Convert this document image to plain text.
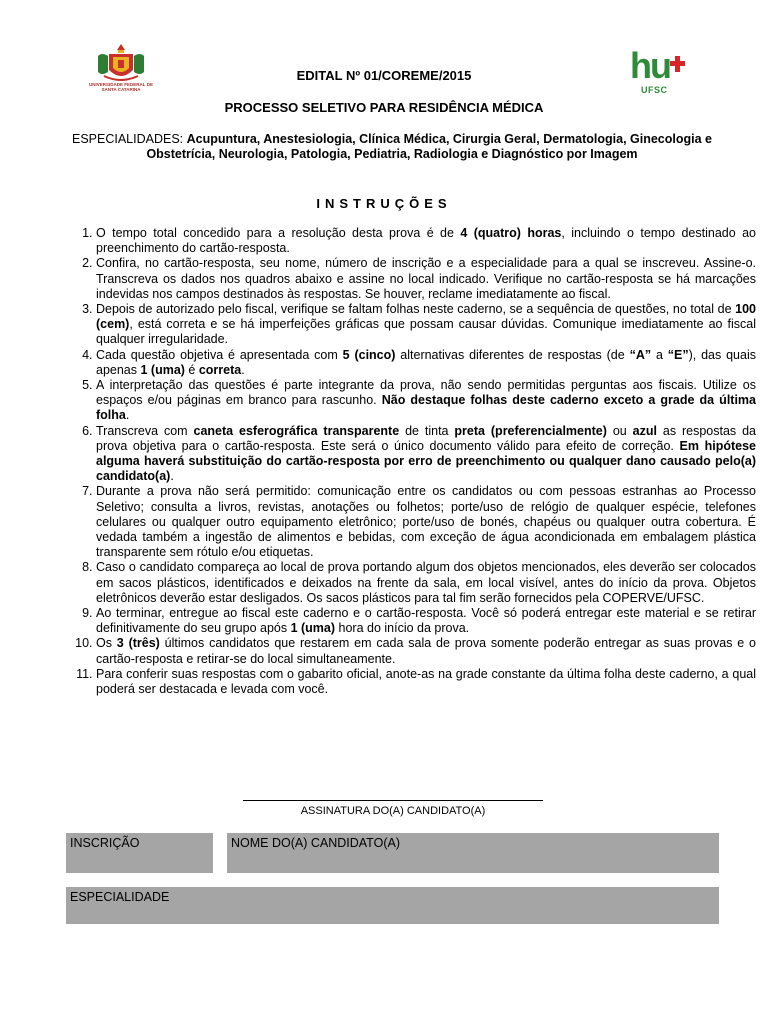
UNIVERSIDADE FEDERAL DE SANTA CATARINA
hu
UFSC
EDITAL Nº 01/COREME/2015
PROCESSO SELETIVO PARA RESIDÊNCIA MÉDICA
ESPECIALIDADES: Acupuntura, Anestesiologia, Clínica Médica, Cirurgia Geral, Dermatologia, Ginecologia e Obstetrícia, Neurologia, Patologia, Pediatria, Radiologia e Diagnóstico por Imagem
INSTRUÇÕES
1. O tempo total concedido para a resolução desta prova é de 4 (quatro) horas, incluindo o tempo destinado ao preenchimento do cartão-resposta.
2. Confira, no cartão-resposta, seu nome, número de inscrição e a especialidade para a qual se inscreveu. Assine-o. Transcreva os dados nos quadros abaixo e assine no local indicado. Verifique no cartão-resposta se há marcações indevidas nos campos destinados às respostas. Se houver, reclame imediatamente ao fiscal.
3. Depois de autorizado pelo fiscal, verifique se faltam folhas neste caderno, se a sequência de questões, no total de 100 (cem), está correta e se há imperfeições gráficas que possam causar dúvidas. Comunique imediatamente ao fiscal qualquer irregularidade.
4. Cada questão objetiva é apresentada com 5 (cinco) alternativas diferentes de respostas (de “A” a “E”), das quais apenas 1 (uma) é correta.
5. A interpretação das questões é parte integrante da prova, não sendo permitidas perguntas aos fiscais. Utilize os espaços e/ou páginas em branco para rascunho. Não destaque folhas deste caderno exceto a grade da última folha.
6. Transcreva com caneta esferográfica transparente de tinta preta (preferencialmente) ou azul as respostas da prova objetiva para o cartão-resposta. Este será o único documento válido para efeito de correção. Em hipótese alguma haverá substituição do cartão-resposta por erro de preenchimento ou qualquer dano causado pelo(a) candidato(a).
7. Durante a prova não será permitido: comunicação entre os candidatos ou com pessoas estranhas ao Processo Seletivo; consulta a livros, revistas, anotações ou folhetos; porte/uso de relógio de qualquer espécie, telefones celulares ou qualquer outro equipamento eletrônico; porte/uso de bonés, chapéus ou qualquer outra cobertura. É vedada também a ingestão de alimentos e bebidas, com exceção de água acondicionada em embalagem plástica transparente sem rótulo e/ou etiquetas.
8. Caso o candidato compareça ao local de prova portando algum dos objetos mencionados, eles deverão ser colocados em sacos plásticos, identificados e deixados na frente da sala, em local visível, antes do início da prova. Objetos eletrônicos deverão estar desligados. Os sacos plásticos para tal fim serão fornecidos pela COPERVE/UFSC.
9. Ao terminar, entregue ao fiscal este caderno e o cartão-resposta. Você só poderá entregar este material e se retirar definitivamente do seu grupo após 1 (uma) hora do início da prova.
10. Os 3 (três) últimos candidatos que restarem em cada sala de prova somente poderão entregar as suas provas e o cartão-resposta e retirar-se do local simultaneamente.
11. Para conferir suas respostas com o gabarito oficial, anote-as na grade constante da última folha deste caderno, a qual poderá ser destacada e levada com você.
ASSINATURA DO(A) CANDIDATO(A)
INSCRIÇÃO	NOME DO(A) CANDIDATO(A)
ESPECIALIDADE
